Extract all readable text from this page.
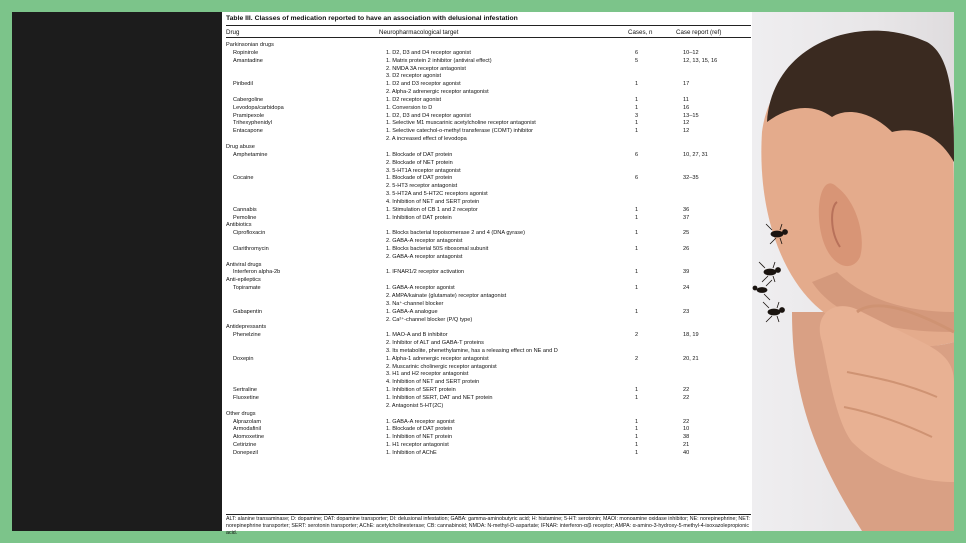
Table III. Classes of medication reported to have an association with delusional infestation
Drug	Neuropharmacological target	Cases, n	Case report (ref)
Parkinsonian drugs
Ropinirole	1. D2, D3 and D4 receptor agonist	6	10–12
Amantadine	1. Matrix protein 2 inhibitor (antiviral effect)	5	12, 13, 15, 16
2. NMDA 3A receptor antagonist
3. D2 receptor agonist
Piribedil	1. D2 and D3 receptor agonist	1	17
2. Alpha-2 adrenergic receptor antagonist
Cabergoline	1. D2 receptor agonist	1	11
Levodopa/carbidopa	1. Conversion to D	1	16
Pramipexole	1. D2, D3 and D4 receptor agonist	3	13–15
Trihexyphenidyl	1. Selective M1 muscarinic acetylcholine receptor antagonist	1	12
Entacapone	1. Selective catechol-o-methyl transferase (COMT) inhibitor	1	12
2. A increased effect of levodopa
Drug abuse
Amphetamine	1. Blockade of DAT protein	6	10, 27, 31
2. Blockade of NET protein
3. 5-HT1A receptor antagonist
Cocaine	1. Blockade of DAT protein	6	32–35
2. 5-HT3 receptor antagonist
3. 5-HT2A and 5-HT2C receptors agonist
4. Inhibition of NET and SERT protein
Cannabis	1. Stimulation of CB 1 and 2 receptor	1	36
Pemoline	1. Inhibition of DAT protein	1	37
Antibiotics
Ciprofloxacin	1. Blocks bacterial topoisomerase 2 and 4 (DNA gyrase)	1	25
2. GABA-A receptor antagonist
Clarithromycin	1. Blocks bacterial 50S ribosomal subunit	1	26
2. GABA-A receptor antagonist
Antiviral drugs
Interferon alpha-2b	1. IFNAR1/2 receptor activation	1	39
Anti-epileptics
Topiramate	1. GABA-A receptor agonist	1	24
2. AMPA/kainate (glutamate) receptor antagonist
3. Na⁺-channel blocker
Gabapentin	1. GABA-A analogue	1	23
2. Ca²⁺-channel blocker (P/Q type)
Antidepressants
Phenelzine	1. MAO-A and B inhibitor	2	18, 19
2. Inhibitor of ALT and GABA-T proteins
3. Its metabolite, phenethylamine, has a releasing effect on NE and D
Doxepin	1. Alpha-1 adrenergic receptor antagonist	2	20, 21
2. Muscarinic cholinergic receptor antagonist
3. H1 and H2 receptor antagonist
4. Inhibition of NET and SERT protein
Sertraline	1. Inhibition of SERT protein	1	22
Fluoxetine	1. Inhibition of SERT, DAT and NET protein	1	22
2. Antagonist 5-HT(2C)
Other drugs
Alprazolam	1. GABA-A receptor agonist	1	22
Armodafinil	1. Blockade of DAT protein	1	10
Atomoxetine	1. Inhibition of NET protein	1	38
Cetirizine	1. H1 receptor antagonist	1	21
Donepezil	1. Inhibition of AChE	1	40
ALT: alanine transaminase; D: dopamine; DAT: dopamine transporter; DI: delusional infestation; GABA: gamma-aminobutyric acid; H: histamine; 5-HT: serotonin; MAOI: monoamine oxidase inhibitor; NE: norepinephrine; NET: norepinephrine transporter; SERT: serotonin transporter; AChE: acetylcholinesterase; CB: cannabinoid; NMDA: N-methyl-D-aspartate; IFNAR: interferon-α/β receptor; AMPA: α-amino-3-hydroxy-5-methyl-4-isoxazolepropionic acid.
